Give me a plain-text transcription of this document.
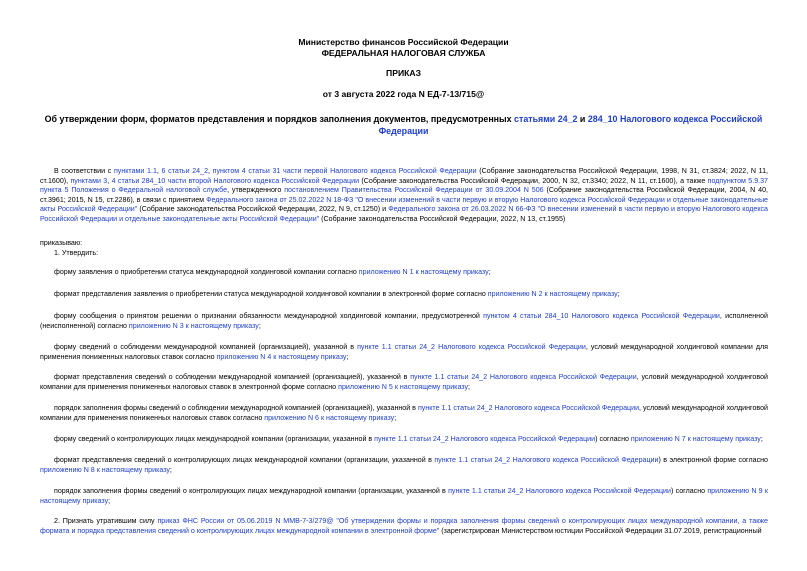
Министерство финансов Российской Федерации
ФЕДЕРАЛЬНАЯ НАЛОГОВАЯ СЛУЖБА
ПРИКАЗ
от 3 августа 2022 года N ЕД-7-13/715@
Об утверждении форм, форматов представления и порядков заполнения документов, предусмотренных статьями 24_2 и 284_10 Налогового кодекса Российской Федерации
В соответствии с пунктами 1.1, 6 статьи 24_2, пунктом 4 статьи 31 части первой Налогового кодекса Российской Федерации (Собрание законодательства Российской Федерации, 1998, N 31, ст.3824; 2022, N 11, ст.1600), пунктами 3, 4 статьи 284_10 части второй Налогового кодекса Российской Федерации (Собрание законодательства Российской Федерации, 2000, N 32, ст.3340; 2022, N 11, ст.1600), а также подпунктом 5.9.37 пункта 5 Положения о Федеральной налоговой службе, утвержденного постановлением Правительства Российской Федерации от 30.09.2004 N 506 (Собрание законодательства Российской Федерации, 2004, N 40, ст.3961; 2015, N 15, ст.2286), в связи с принятием Федерального закона от 25.02.2022 N 18-ФЗ "О внесении изменений в части первую и вторую Налогового кодекса Российской Федерации и отдельные законодательные акты Российской Федерации" (Собрание законодательства Российской Федерации, 2022, N 9, ст.1250) и Федерального закона от 26.03.2022 N 66-ФЗ "О внесении изменений в части первую и вторую Налогового кодекса Российской Федерации и отдельные законодательные акты Российской Федерации" (Собрание законодательства Российской Федерации, 2022, N 13, ст.1955)
приказываю:
1. Утвердить:
форму заявления о приобретении статуса международной холдинговой компании согласно приложению N 1 к настоящему приказу;
формат представления заявления о приобретении статуса международной холдинговой компании в электронной форме согласно приложению N 2 к настоящему приказу;
форму сообщения о принятом решении о признании обязанности международной холдинговой компании, предусмотренной пунктом 4 статьи 284_10 Налогового кодекса Российской Федерации, исполненной (неисполненной) согласно приложению N 3 к настоящему приказу;
форму сведений о соблюдении международной компанией (организацией), указанной в пункте 1.1 статьи 24_2 Налогового кодекса Российской Федерации, условий международной холдинговой компании для применения пониженных налоговых ставок согласно приложению N 4 к настоящему приказу;
формат представления сведений о соблюдении международной компанией (организацией), указанной в пункте 1.1 статьи 24_2 Налогового кодекса Российской Федерации, условий международной холдинговой компании для применения пониженных налоговых ставок в электронной форме согласно приложению N 5 к настоящему приказу;
порядок заполнения формы сведений о соблюдении международной компанией (организацией), указанной в пункте 1.1 статьи 24_2 Налогового кодекса Российской Федерации, условий международной холдинговой компании для применения пониженных налоговых ставок согласно приложению N 6 к настоящему приказу;
форму сведений о контролирующих лицах международной компании (организации, указанной в пункте 1.1 статьи 24_2 Налогового кодекса Российской Федерации) согласно приложению N 7 к настоящему приказу;
формат представления сведений о контролирующих лицах международной компании (организации, указанной в пункте 1.1 статьи 24_2 Налогового кодекса Российской Федерации) в электронной форме согласно приложению N 8 к настоящему приказу;
порядок заполнения формы сведений о контролирующих лицах международной компании (организации, указанной в пункте 1.1 статьи 24_2 Налогового кодекса Российской Федерации) согласно приложению N 9 к настоящему приказу;
2. Признать утратившим силу приказ ФНС России от 05.06.2019 N ММВ-7-3/279@ "Об утверждении формы и порядка заполнения формы сведений о контролирующих лицах международной компании, а также формата и порядка представления сведений о контролирующих лицах международной компании в электронной форме" (зарегистрирован Министерством юстиции Российской Федерации 31.07.2019, регистрационный
